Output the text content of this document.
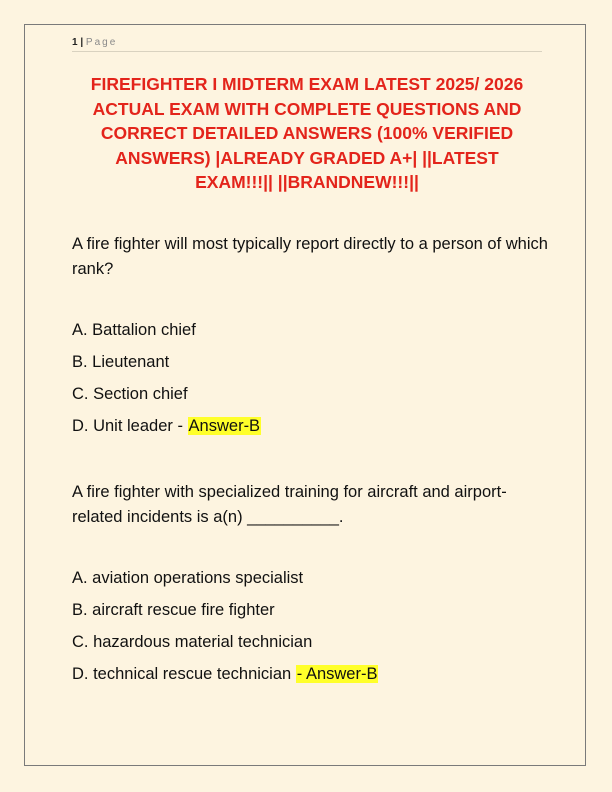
1 | Page
FIREFIGHTER I MIDTERM EXAM LATEST 2025/ 2026
ACTUAL EXAM WITH COMPLETE QUESTIONS AND
CORRECT DETAILED ANSWERS (100% VERIFIED
ANSWERS) |ALREADY GRADED A+| ||LATEST
EXAM!!!|| ||BRANDNEW!!!||
A fire fighter will most typically report directly to a person of which rank?
A. Battalion chief
B. Lieutenant
C. Section chief
D. Unit leader - Answer-B
A fire fighter with specialized training for aircraft and airport-related incidents is a(n) __________.
A. aviation operations specialist
B. aircraft rescue fire fighter
C. hazardous material technician
D. technical rescue technician - Answer-B
